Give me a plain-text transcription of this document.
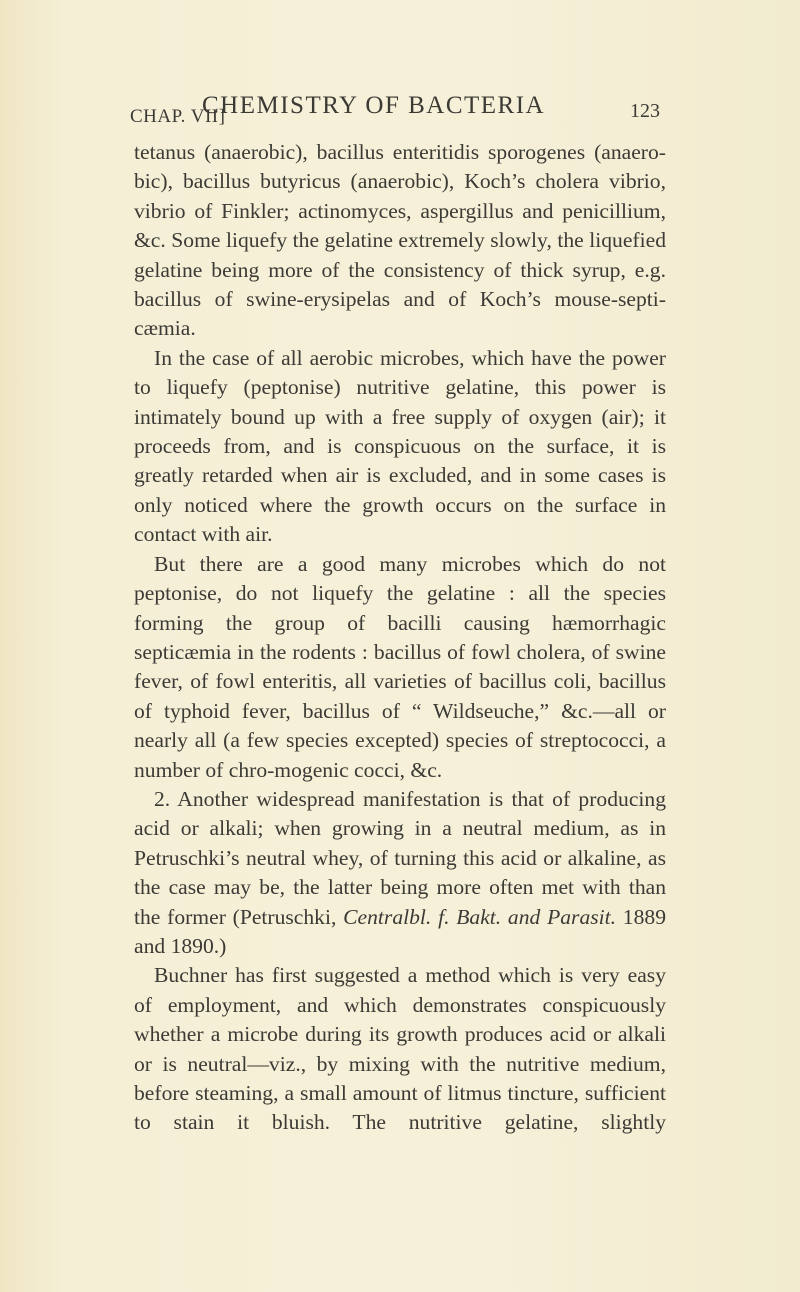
CHAP. VII]
CHEMISTRY OF BACTERIA	123

tetanus (anaerobic), bacillus enteritidis sporogenes (anaero-bic), bacillus butyricus (anaerobic), Koch’s cholera vibrio, vibrio of Finkler; actinomyces, aspergillus and penicillium, &c. Some liquefy the gelatine extremely slowly, the liquefied gelatine being more of the consistency of thick syrup, e.g. bacillus of swine-erysipelas and of Koch’s mouse-septi-cæmia.

In the case of all aerobic microbes, which have the power to liquefy (peptonise) nutritive gelatine, this power is intimately bound up with a free supply of oxygen (air); it proceeds from, and is conspicuous on the surface, it is greatly retarded when air is excluded, and in some cases is only noticed where the growth occurs on the surface in contact with air.

But there are a good many microbes which do not peptonise, do not liquefy the gelatine : all the species forming the group of bacilli causing hæmorrhagic septicæmia in the rodents : bacillus of fowl cholera, of swine fever, of fowl enteritis, all varieties of bacillus coli, bacillus of typhoid fever, bacillus of “ Wildseuche,” &c.—all or nearly all (a few species excepted) species of streptococci, a number of chro-mogenic cocci, &c.

2. Another widespread manifestation is that of producing acid or alkali; when growing in a neutral medium, as in Petruschki’s neutral whey, of turning this acid or alkaline, as the case may be, the latter being more often met with than the former (Petruschki, Centralbl. f. Bakt. and Parasit. 1889 and 1890.)

Buchner has first suggested a method which is very easy of employment, and which demonstrates conspicuously whether a microbe during its growth produces acid or alkali or is neutral—viz., by mixing with the nutritive medium, before steaming, a small amount of litmus tincture, sufficient to stain it bluish. The nutritive gelatine, slightly
